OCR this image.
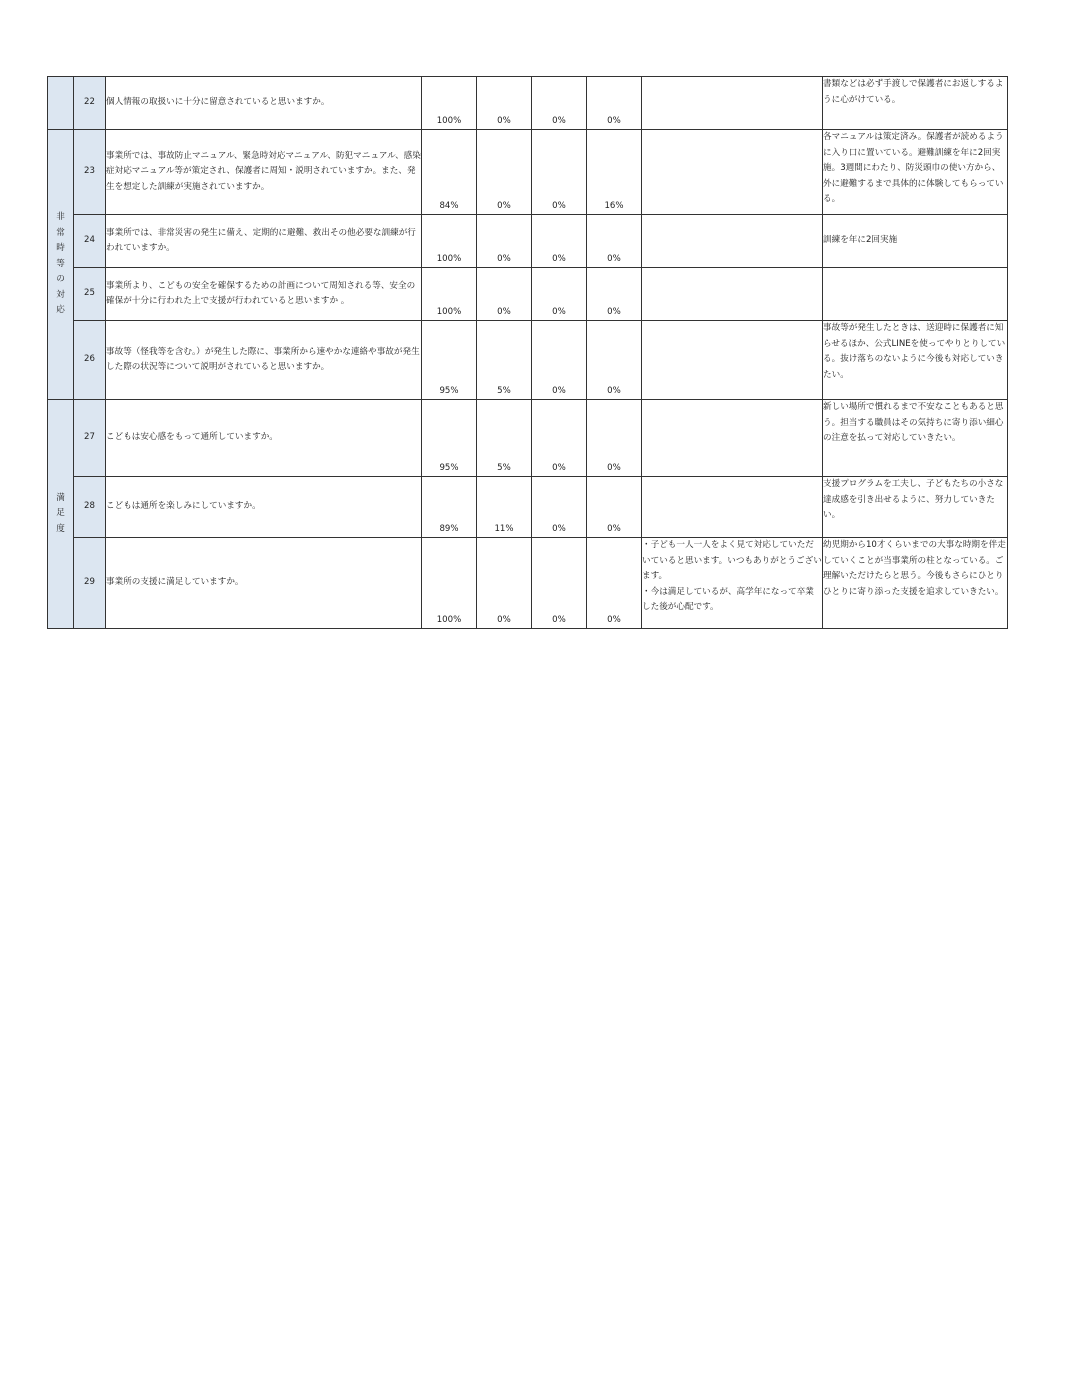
	22	個人情報の取扱いに十分に留意されていると思いますか。	100%	0%	0%	0%		書類などは必ず手渡しで保護者にお返しするように心がけている。

非常時等の対応	23	事業所では、事故防止マニュアル、緊急時対応マニュアル、防犯マニュアル、感染症対応マニュアル等が策定され、保護者に周知・説明されていますか。また、発生を想定した訓練が実施されていますか。	84%	0%	0%	16%		各マニュアルは策定済み。保護者が読めるように入り口に置いている。避難訓練を年に2回実施。3週間にわたり、防災頭巾の使い方から、外に避難するまで具体的に体験してもらっている。

	24	事業所では、非常災害の発生に備え、定期的に避難、救出その他必要な訓練が行われていますか。	100%	0%	0%	0%		訓練を年に2回実施

	25	事業所より、こどもの安全を確保するための計画について周知される等、安全の確保が十分に行われた上で支援が行われていると思いますか 。	100%	0%	0%	0%	

	26	事故等（怪我等を含む。）が発生した際に、事業所から速やかな連絡や事故が発生した際の状況等について説明がされていると思いますか。	95%	5%	0%	0%		事故等が発生したときは、送迎時に保護者に知らせるほか、公式LINEを使ってやりとりしている。抜け落ちのないように今後も対応していきたい。

満足度	27	こどもは安心感をもって通所していますか。	95%	5%	0%	0%		新しい場所で慣れるまで不安なこともあると思う。担当する職員はその気持ちに寄り添い細心の注意を払って対応していきたい。

	28	こどもは通所を楽しみにしていますか。	89%	11%	0%	0%		支援プログラムを工夫し、子どもたちの小さな達成感を引き出せるように、努力していきたい。

	29	事業所の支援に満足していますか。	100%	0%	0%	0%	・子ども一人一人をよく見て対応していただいていると思います。いつもありがとうございます。
・今は満足しているが、高学年になって卒業した後が心配です。	幼児期から10才くらいまでの大事な時期を伴走していくことが当事業所の柱となっている。ご理解いただけたらと思う。今後もさらにひとりひとりに寄り添った支援を追求していきたい。
